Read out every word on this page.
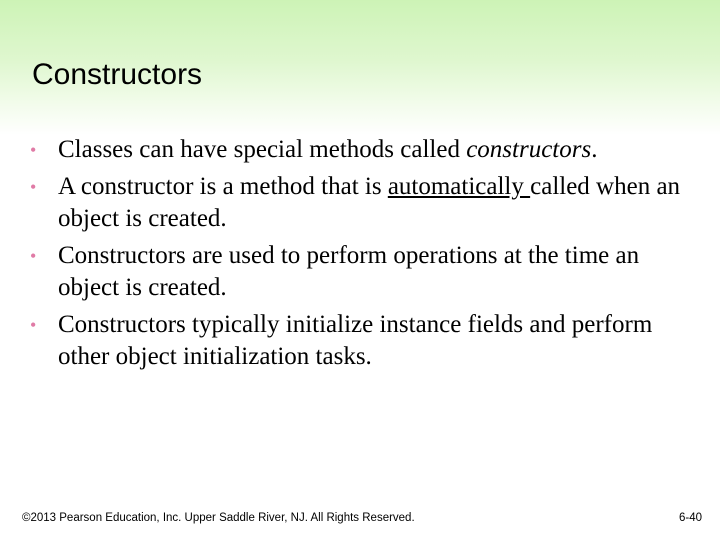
Constructors
• Classes can have special methods called constructors.
• A constructor is a method that is automatically called when an object is created.
• Constructors are used to perform operations at the time an object is created.
• Constructors typically initialize instance fields and perform other object initialization tasks.
©2013 Pearson Education, Inc. Upper Saddle River, NJ. All Rights Reserved.	6-40
